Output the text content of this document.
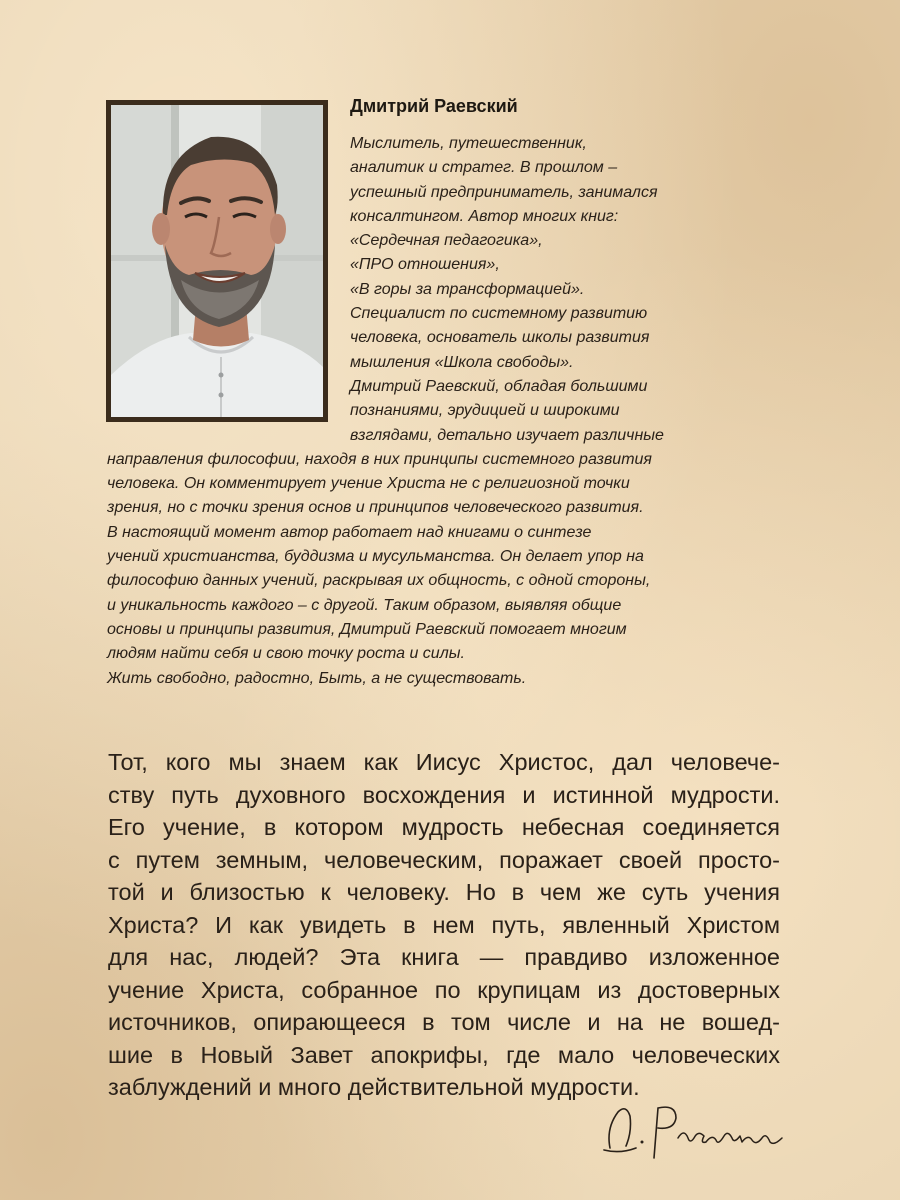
Дмитрий Раевский
Мыслитель, путешественник,
аналитик и стратег. В прошлом –
успешный предприниматель, занимался
консалтингом. Автор многих книг:
«Сердечная педагогика»,
«ПРО отношения»,
«В горы за трансформацией».
Специалист по системному развитию
человека, основатель школы развития
мышления «Школа свободы».
Дмитрий Раевский, обладая большими
познаниями, эрудицией и широкими
взглядами, детально изучает различные
направления философии, находя в них принципы системного развития
человека. Он комментирует учение Христа не с религиозной точки
зрения, но с точки зрения основ и принципов человеческого развития.
В настоящий момент автор работает над книгами о синтезе
учений христианства, буддизма и мусульманства. Он делает упор на
философию данных учений, раскрывая их общность, с одной стороны,
и уникальность каждого – с другой. Таким образом, выявляя общие
основы и принципы развития, Дмитрий Раевский помогает многим
людям найти себя и свою точку роста и силы.
Жить свободно, радостно, Быть, а не существовать.
Тот, кого мы знаем как Иисус Христос, дал человече-
ству путь духовного восхождения и истинной мудрости.
Его учение, в котором мудрость небесная соединяется
с путем земным, человеческим, поражает своей просто-
той и близостью к человеку. Но в чем же суть учения
Христа? И как увидеть в нем путь, явленный Христом
для нас, людей? Эта книга — правдиво изложенное
учение Христа, собранное по крупицам из достоверных
источников, опирающееся в том числе и на не вошед-
шие в Новый Завет апокрифы, где мало человеческих
заблуждений и много действительной мудрости.
